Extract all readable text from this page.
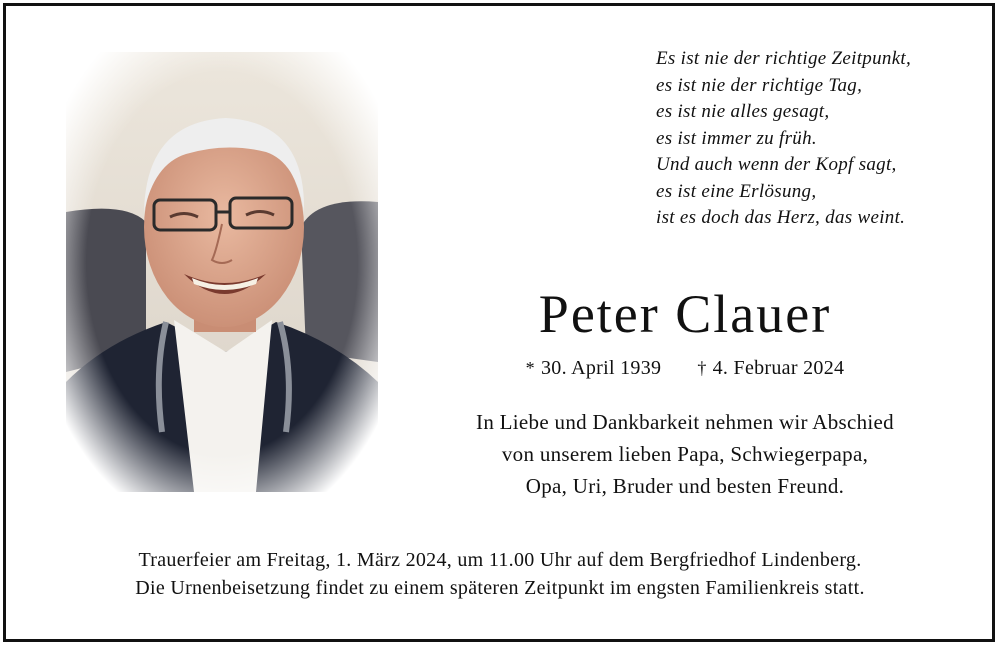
Es ist nie der richtige Zeitpunkt,
es ist nie der richtige Tag,
es ist nie alles gesagt,
es ist immer zu früh.
Und auch wenn der Kopf sagt,
es ist eine Erlösung,
ist es doch das Herz, das weint.
Peter Clauer
* 30. April 1939 † 4. Februar 2024
In Liebe und Dankbarkeit nehmen wir Abschied
von unserem lieben Papa, Schwiegerpapa,
Opa, Uri, Bruder und besten Freund.
Trauerfeier am Freitag, 1. März 2024, um 11.00 Uhr auf dem Bergfriedhof Lindenberg.
Die Urnenbeisetzung findet zu einem späteren Zeitpunkt im engsten Familienkreis statt.
